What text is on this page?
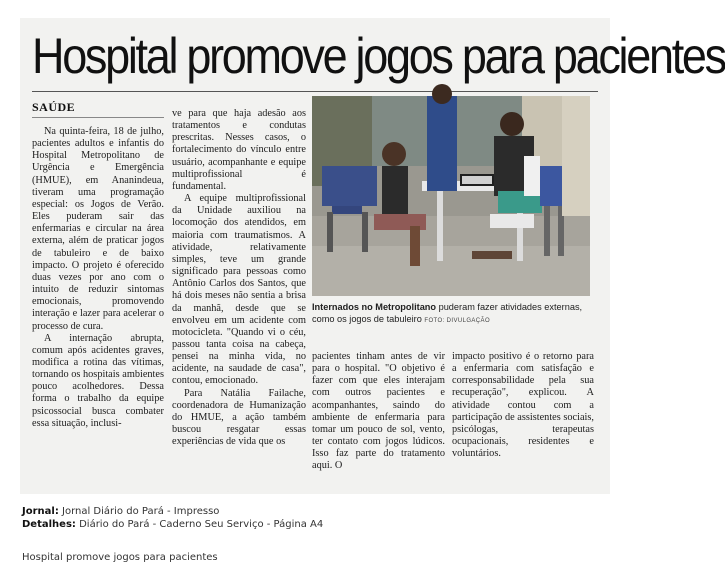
Hospital promove jogos para pacientes
SAÚDE

Na quinta-feira, 18 de julho, pacientes adultos e infantis do Hospital Metropolitano de Urgência e Emergência (HMUE), em Ananindeua, tiveram uma programação especial: os Jogos de Verão. Eles puderam sair das enfermarias e circular na área externa, além de praticar jogos de tabuleiro e de baixo impacto. O projeto é oferecido duas vezes por ano com o intuito de reduzir sintomas emocionais, promovendo interação e lazer para acelerar o processo de cura.

A internação abrupta, comum após acidentes graves, modifica a rotina das vítimas, tornando os hospitais ambientes pouco acolhedores. Dessa forma o trabalho da equipe psicossocial busca combater essa situação, inclusi-

ve para que haja adesão aos tratamentos e condutas prescritas. Nesses casos, o fortalecimento do vínculo entre usuário, acompanhante e equipe multiprofissional é fundamental.

A equipe multiprofissional da Unidade auxiliou na locomoção dos atendidos, em maioria com traumatismos. A atividade, relativamente simples, teve um grande significado para pessoas como Antônio Carlos dos Santos, que há dois meses não sentia a brisa da manhã, desde que se envolveu em um acidente com motocicleta. "Quando vi o céu, passou tanta coisa na cabeça, pensei na minha vida, no acidente, na saudade de casa", contou, emocionado.

Para Natália Failache, coordenadora de Humanização do HMUE, a ação também buscou resgatar essas experiências de vida que os

Internados no Metropolitano puderam fazer atividades externas, como os jogos de tabuleiro FOTO: DIVULGAÇÃO

pacientes tinham antes de vir para o hospital. "O objetivo é fazer com que eles interajam com outros pacientes e acompanhantes, saindo do ambiente de enfermaria para tomar um pouco de sol, vento, ter contato com jogos lúdicos. Isso faz parte do tratamento aqui. O

impacto positivo é o retorno para a enfermaria com satisfação e corresponsabilidade pela sua recuperação", explicou. A atividade contou com a participação de assistentes sociais, psicólogas, terapeutas ocupacionais, residentes e voluntários.

Jornal: Jornal Diário do Pará - Impresso
Detalhes: Diário do Pará - Caderno Seu Serviço - Página A4
Hospital promove jogos para pacientes
